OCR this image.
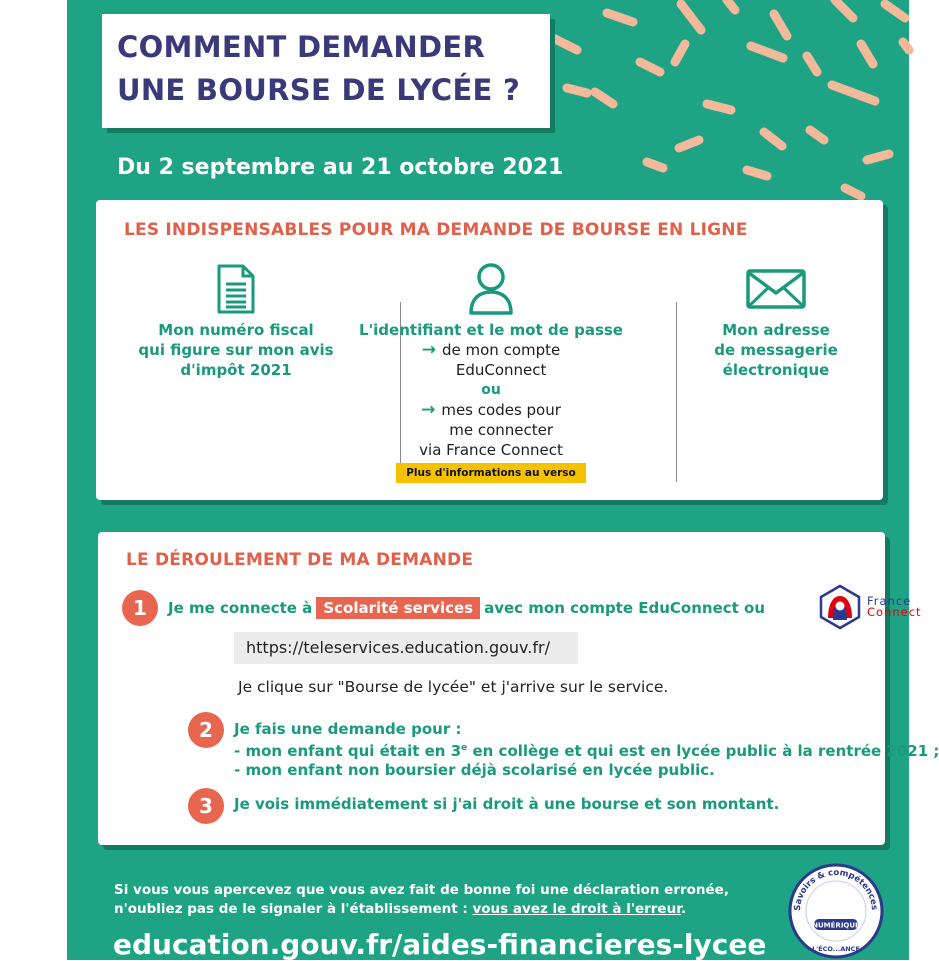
COMMENT DEMANDER
UNE BOURSE DE LYCÉE ?
Du 2 septembre au 21 octobre 2021
LES INDISPENSABLES POUR MA DEMANDE DE BOURSE EN LIGNE
Mon numéro fiscal
qui figure sur mon avis
d'impôt 2021
L'identifiant et le mot de passe
→ de mon compte
EduConnect
ou
→ mes codes pour
me connecter
via France Connect
Plus d'informations au verso
Mon adresse
de messagerie
électronique
LE DÉROULEMENT DE MA DEMANDE
1	Je me connecte à Scolarité services avec mon compte EduConnect ou	France
Connect
https://teleservices.education.gouv.fr/
Je clique sur "Bourse de lycée" et j'arrive sur le service.
2	Je fais une demande pour :
- mon enfant qui était en 3e en collège et qui est en lycée public à la rentrée 2021 ;
- mon enfant non boursier déjà scolarisé en lycée public.
3	Je vois immédiatement si j'ai droit à une bourse et son montant.
Si vous vous apercevez que vous avez fait de bonne foi une déclaration erronée,
n'oubliez pas de le signaler à l'établissement : vous avez le droit à l'erreur.
education.gouv.fr/aides-financieres-lycee
Savoirs & compétences
NUMÉRIQUE
L'ÉCO...ANCE
